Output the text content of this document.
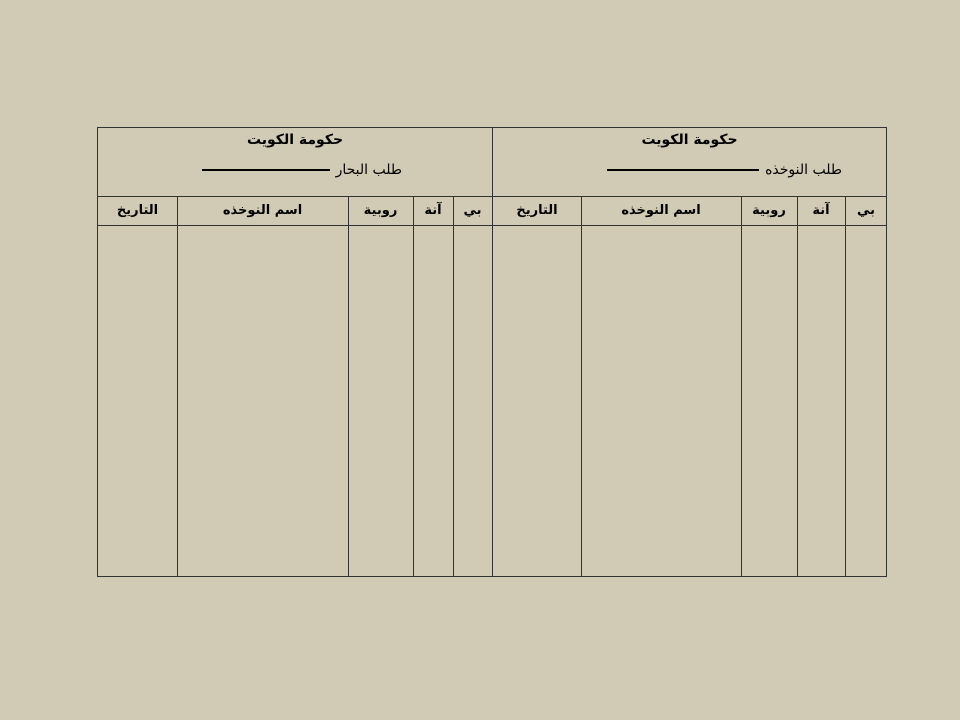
حكومة الكويت
طلب النوخذه
بي
آنة
روبية
اسم النوخذه
التاريخ
حكومة الكويت
طلب البحار
بي
آنة
روبية
اسم النوخذه
التاريخ
